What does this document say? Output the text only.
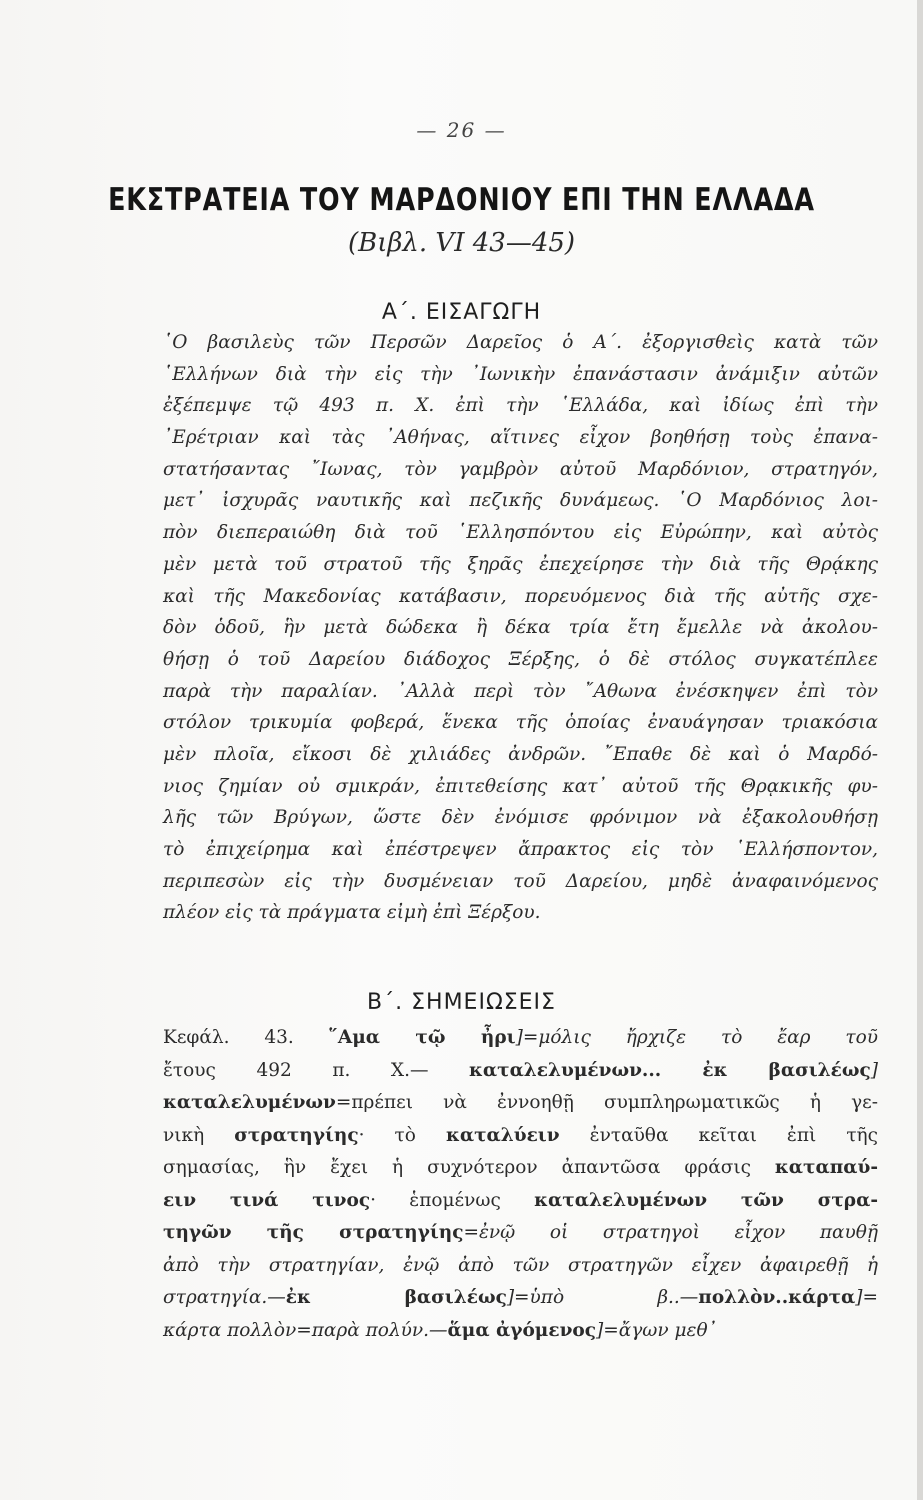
— 26 —
ΕΚΣΤΡΑΤΕΙΑ ΤΟΥ ΜΑΡΔΟΝΙΟΥ ΕΠΙ ΤΗΝ ΕΛΛΑΔΑ
(Βιβλ. VI 43—45)
Α΄. ΕΙΣΑΓΩΓΗ
῾Ο βασιλεὺς τῶν Περσῶν Δαρεῖος ὁ Α΄. ἐξοργισθεὶς κατὰ τῶν
῾Ελλήνων διὰ τὴν εἰς τὴν ᾿Ιωνικὴν ἐπανάστασιν ἀνάμιξιν αὐτῶν
ἐξέπεμψε τῷ 493 π. Χ. ἐπὶ τὴν ῾Ελλάδα, καὶ ἰδίως ἐπὶ τὴν
᾿Ερέτριαν καὶ τὰς ᾿Αθήνας, αἵτινες εἶχον βοηθήσῃ τοὺς ἐπανα-
στατήσαντας ῎Ιωνας, τὸν γαμβρὸν αὐτοῦ Μαρδόνιον, στρατηγόν,
μετ᾿ ἰσχυρᾶς ναυτικῆς καὶ πεζικῆς δυνάμεως. ῾Ο Μαρδόνιος λοι-
πὸν διεπεραιώθη διὰ τοῦ ῾Ελλησπόντου εἰς Εὐρώπην, καὶ αὐτὸς
μὲν μετὰ τοῦ στρατοῦ τῆς ξηρᾶς ἐπεχείρησε τὴν διὰ τῆς Θρᾴκης
καὶ τῆς Μακεδονίας κατάβασιν, πορευόμενος διὰ τῆς αὐτῆς σχε-
δὸν ὁδοῦ, ἣν μετὰ δώδεκα ἢ δέκα τρία ἔτη ἔμελλε νὰ ἀκολου-
θήσῃ ὁ τοῦ Δαρείου διάδοχος Ξέρξης, ὁ δὲ στόλος συγκατέπλεε
παρὰ τὴν παραλίαν. ᾿Αλλὰ περὶ τὸν ῎Αθωνα ἐνέσκηψεν ἐπὶ τὸν
στόλον τρικυμία φοβερά, ἕνεκα τῆς ὁποίας ἐναυάγησαν τριακόσια
μὲν πλοῖα, εἴκοσι δὲ χιλιάδες ἀνδρῶν. ῎Επαθε δὲ καὶ ὁ Μαρδό-
νιος ζημίαν οὐ σμικράν, ἐπιτεθείσης κατ᾿ αὐτοῦ τῆς Θρᾳκικῆς φυ-
λῆς τῶν Βρύγων, ὥστε δὲν ἐνόμισε φρόνιμον νὰ ἐξακολουθήσῃ
τὸ ἐπιχείρημα καὶ ἐπέστρεψεν ἄπρακτος εἰς τὸν ῾Ελλήσποντον,
περιπεσὼν εἰς τὴν δυσμένειαν τοῦ Δαρείου, μηδὲ ἀναφαινόμενος
πλέον εἰς τὰ πράγματα εἰμὴ ἐπὶ Ξέρξου.
Β΄. ΣΗΜΕΙΩΣΕΙΣ
Κεφάλ. 43. ῞Αμα τῷ ἦρι]=μόλις ἤρχιζε τὸ ἔαρ τοῦ
ἔτους 492 π. Χ.— καταλελυμένων... ἐκ βασιλέως]
καταλελυμένων=πρέπει νὰ ἐννοηθῇ συμπληρωματικῶς ἡ γε-
νικὴ στρατηγίης· τὸ καταλύειν ἐνταῦθα κεῖται ἐπὶ τῆς
σημασίας, ἣν ἔχει ἡ συχνότερον ἀπαντῶσα φράσις καταπαύ-
ειν τινά τινος· ἑπομένως καταλελυμένων τῶν στρα-
τηγῶν τῆς στρατηγίης=ἐνῷ οἱ στρατηγοὶ εἶχον παυθῇ
ἀπὸ τὴν στρατηγίαν, ἐνῷ ἀπὸ τῶν στρατηγῶν εἶχεν ἀφαιρεθῇ ἡ
στρατηγία.—ἐκ βασιλέως]=ὑπὸ β..—πολλὸν..κάρτα]=
κάρτα πολλὸν=παρὰ πολύν.—ἅμα ἀγόμενος]=ἄγων μεθ᾿
